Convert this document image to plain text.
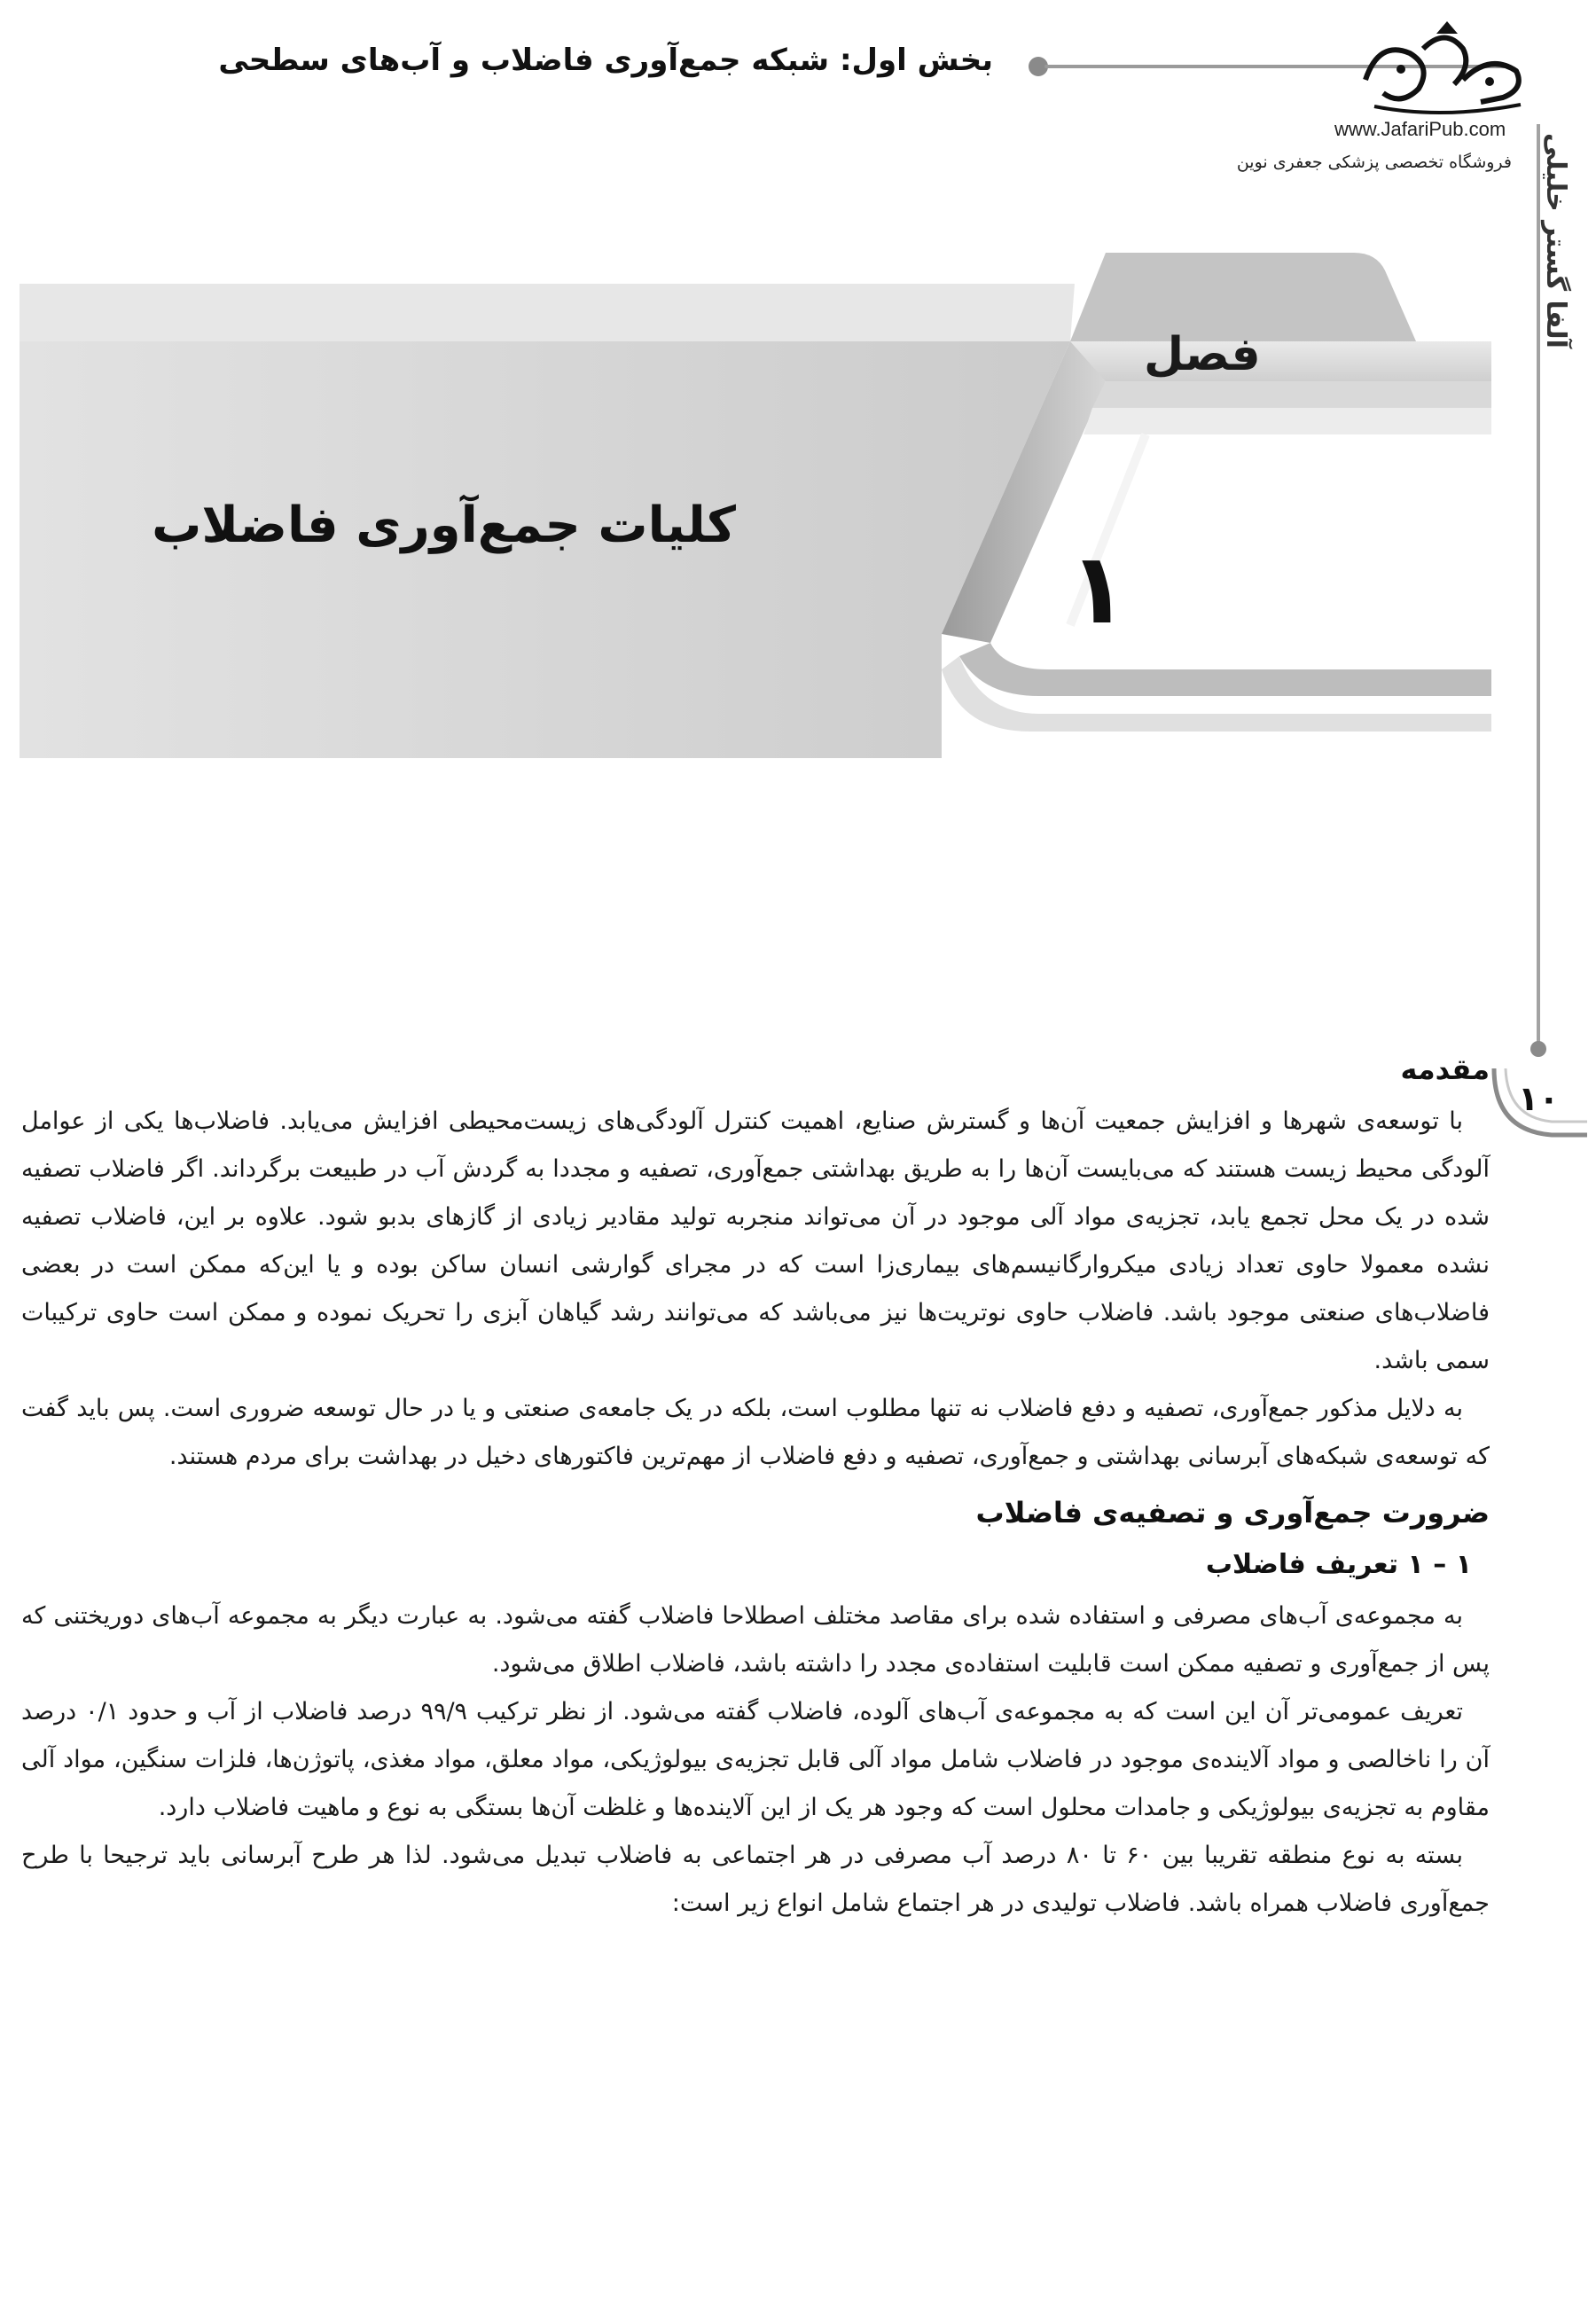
بخش اول: شبکه جمع‌آوری فاضلاب و آب‌های سطحی
www.JafariPub.com
فروشگاه تخصصی پزشکی جعفری نوین	آلفا گستر خلیلی
فصل
۱
کلیات جمع‌آوری فاضلاب
۱۰
مقدمه

با توسعه‌ی شهرها و افزایش جمعیت آن‌ها و گسترش صنایع، اهمیت کنترل آلودگی‌های زیست‌محیطی افزایش می‌یابد. فاضلاب‌ها یکی از عوامل آلودگی محیط زیست هستند که می‌بایست آن‌ها را به طریق بهداشتی جمع‌آوری، تصفیه و مجددا به گردش آب در طبیعت برگرداند. اگر فاضلاب تصفیه شده در یک محل تجمع یابد، تجزیه‌ی مواد آلی موجود در آن می‌تواند منجربه تولید مقادیر زیادی از گازهای بدبو شود. علاوه بر این، فاضلاب تصفیه نشده معمولا حاوی تعداد زیادی میکروارگانیسم‌های بیماری‌زا است که در مجرای گوارشی انسان ساکن بوده و یا این‌که ممکن است در بعضی فاضلاب‌های صنعتی موجود باشد. فاضلاب حاوی نوتریت‌ها نیز می‌باشد که می‌توانند رشد گیاهان آبزی را تحریک نموده و ممکن است حاوی ترکیبات سمی باشد.

به دلایل مذکور جمع‌آوری، تصفیه و دفع فاضلاب نه تنها مطلوب است، بلکه در یک جامعه‌ی صنعتی و یا در حال توسعه ضروری است. پس باید گفت که توسعه‌ی شبکه‌های آبرسانی بهداشتی و جمع‌آوری، تصفیه و دفع فاضلاب از مهم‌ترین فاکتورهای دخیل در بهداشت برای مردم هستند.

ضرورت جمع‌آوری و تصفیه‌ی فاضلاب
۱ – ۱ تعریف فاضلاب

به مجموعه‌ی آب‌های مصرفی و استفاده شده برای مقاصد مختلف اصطلاحا فاضلاب گفته می‌شود. به عبارت دیگر به مجموعه آب‌های دوریختنی که پس از جمع‌آوری و تصفیه ممکن است قابلیت استفاده‌ی مجدد را داشته باشد، فاضلاب اطلاق می‌شود.

تعریف عمومی‌تر آن این است که به مجموعه‌ی آب‌های آلوده، فاضلاب گفته می‌شود. از نظر ترکیب ۹۹/۹ درصد فاضلاب از آب و حدود ۰/۱ درصد آن را ناخالصی و مواد آلاینده‌ی موجود در فاضلاب شامل مواد آلی قابل تجزیه‌ی بیولوژیکی، مواد معلق، مواد مغذی، پاتوژن‌ها، فلزات سنگین، مواد آلی مقاوم به تجزیه‌ی بیولوژیکی و جامدات محلول است که وجود هر یک از این آلاینده‌ها و غلظت آن‌ها بستگی به نوع و ماهیت فاضلاب دارد.

بسته به نوع منطقه تقریبا بین ۶۰ تا ۸۰ درصد آب مصرفی در هر اجتماعی به فاضلاب تبدیل می‌شود. لذا هر طرح آبرسانی باید ترجیحا با طرح جمع‌آوری فاضلاب همراه باشد. فاضلاب تولیدی در هر اجتماع شامل انواع زیر است:
